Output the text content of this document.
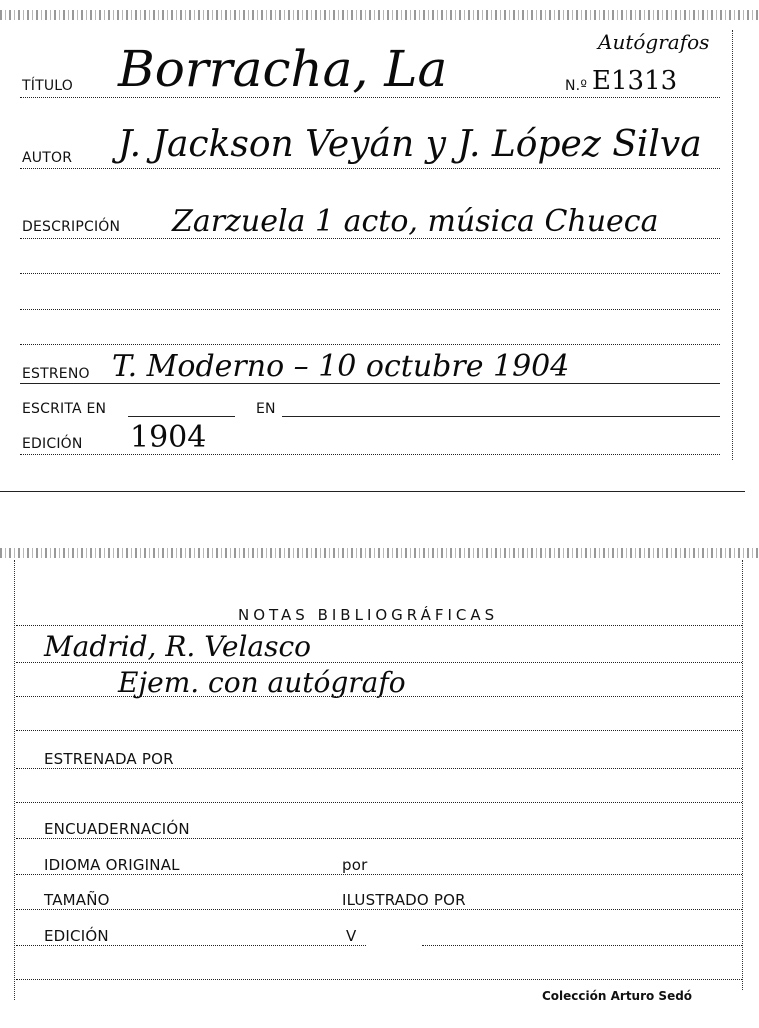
Autógrafos
TÍTULO Borracha, La	N.º E1313
AUTOR J. Jackson Veyán y J. López Silva
DESCRIPCIÓN Zarzuela 1 acto, música Chueca
ESTRENO T. Moderno – 10 octubre 1904
ESCRITA EN	EN
EDICIÓN 1904
NOTAS BIBLIOGRÁFICAS
Madrid, R. Velasco
Ejem. con autógrafo
ESTRENADA POR
ENCUADERNACIÓN
IDIOMA ORIGINAL	por
TAMAÑO	ILUSTRADO POR
EDICIÓN	V
Colección Arturo Sedó
